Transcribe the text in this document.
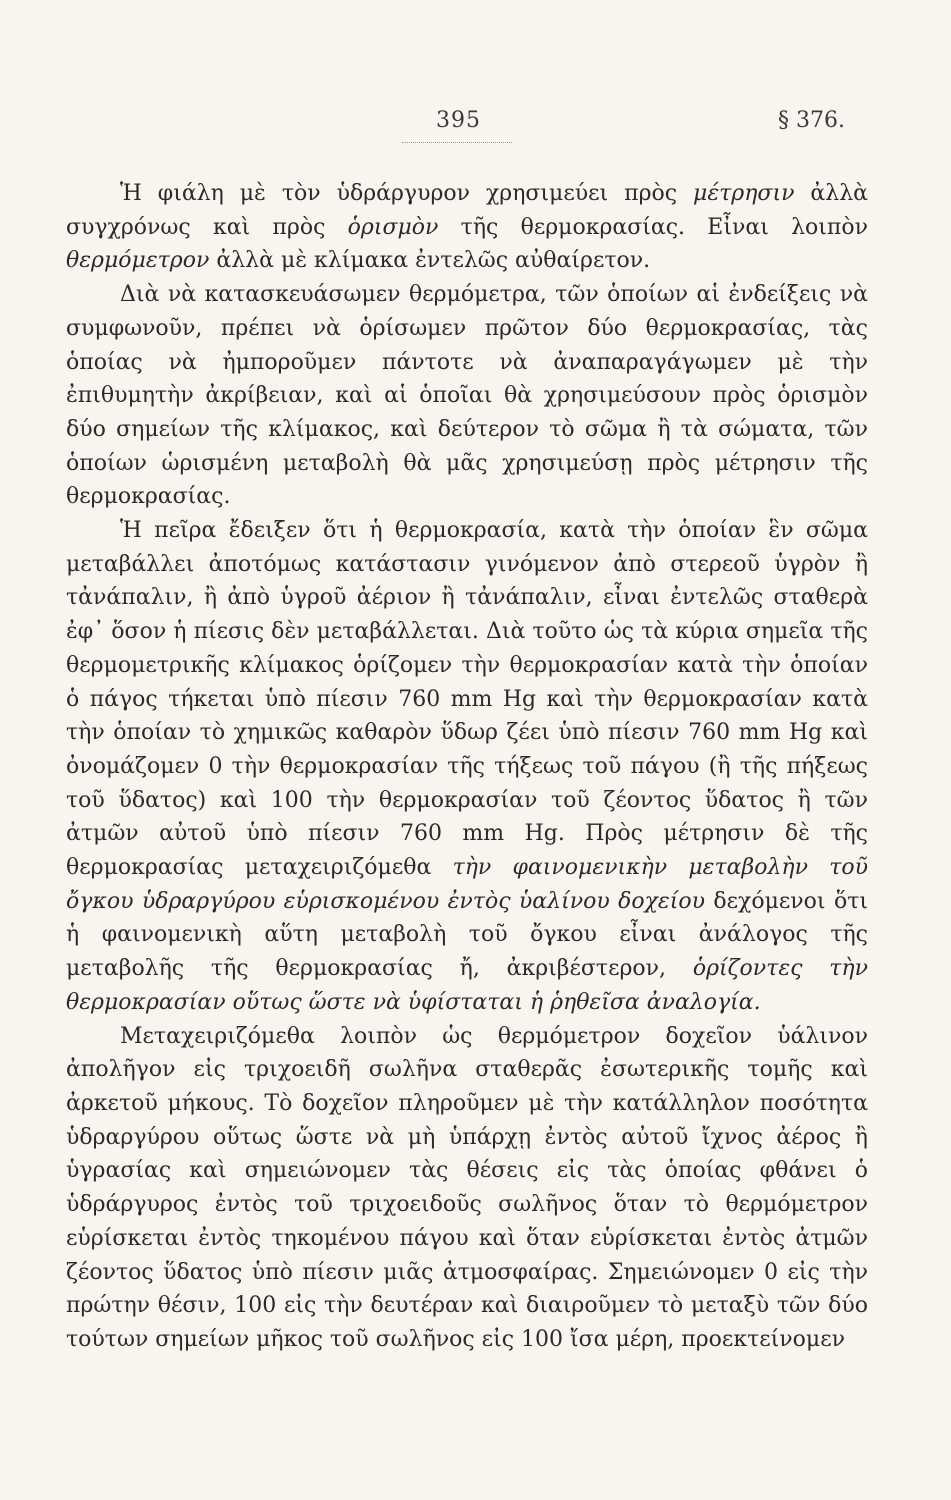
395	§ 376.

Ἡ φιάλη μὲ τὸν ὑδράργυρον χρησιμεύει πρὸς μέτρησιν ἀλλὰ συγχρόνως καὶ πρὸς ὁρισμὸν τῆς θερμοκρασίας. Εἶναι λοιπὸν θερμόμετρον ἀλλὰ μὲ κλίμακα ἐντελῶς αὐθαίρετον.

Διὰ νὰ κατασκευάσωμεν θερμόμετρα, τῶν ὁποίων αἱ ἐνδείξεις νὰ συμφωνοῦν, πρέπει νὰ ὁρίσωμεν πρῶτον δύο θερμοκρασίας, τὰς ὁποίας νὰ ἠμποροῦμεν πάντοτε νὰ ἀναπαραγάγωμεν μὲ τὴν ἐπιθυμητὴν ἀκρίβειαν, καὶ αἱ ὁποῖαι θὰ χρησιμεύσουν πρὸς ὁρισμὸν δύο σημείων τῆς κλίμακος, καὶ δεύτερον τὸ σῶμα ἢ τὰ σώματα, τῶν ὁποίων ὡρισμένη μεταβολὴ θὰ μᾶς χρησιμεύσῃ πρὸς μέτρησιν τῆς θερμοκρασίας.

Ἡ πεῖρα ἔδειξεν ὅτι ἡ θερμοκρασία, κατὰ τὴν ὁποίαν ἓν σῶμα μεταβάλλει ἀποτόμως κατάστασιν γινόμενον ἀπὸ στερεοῦ ὑγρὸν ἢ τἀνάπαλιν, ἢ ἀπὸ ὑγροῦ ἀέριον ἢ τἀνάπαλιν, εἶναι ἐντελῶς σταθερὰ ἐφ᾽ ὅσον ἡ πίεσις δὲν μεταβάλλεται. Διὰ τοῦτο ὡς τὰ κύρια σημεῖα τῆς θερμομετρικῆς κλίμακος ὁρίζομεν τὴν θερμοκρασίαν κατὰ τὴν ὁποίαν ὁ πάγος τήκεται ὑπὸ πίεσιν 760 mm Hg καὶ τὴν θερμοκρασίαν κατὰ τὴν ὁποίαν τὸ χημικῶς καθαρὸν ὕδωρ ζέει ὑπὸ πίεσιν 760 mm Hg καὶ ὀνομάζομεν 0 τὴν θερμοκρασίαν τῆς τήξεως τοῦ πάγου (ἢ τῆς πήξεως τοῦ ὕδατος) καὶ 100 τὴν θερμοκρασίαν τοῦ ζέοντος ὕδατος ἢ τῶν ἀτμῶν αὐτοῦ ὑπὸ πίεσιν 760 mm Hg. Πρὸς μέτρησιν δὲ τῆς θερμοκρασίας μεταχειριζόμεθα τὴν φαινομενικὴν μεταβολὴν τοῦ ὄγκου ὑδραργύρου εὑρισκομένου ἐντὸς ὑαλίνου δοχείου δεχόμενοι ὅτι ἡ φαινομενικὴ αὕτη μεταβολὴ τοῦ ὄγκου εἶναι ἀνάλογος τῆς μεταβολῆς τῆς θερμοκρασίας ἤ, ἀκριβέστερον, ὁρίζοντες τὴν θερμοκρασίαν οὕτως ὥστε νὰ ὑφίσταται ἡ ῥηθεῖσα ἀναλογία.

Μεταχειριζόμεθα λοιπὸν ὡς θερμόμετρον δοχεῖον ὑάλινον ἀπολῆγον εἰς τριχοειδῆ σωλῆνα σταθερᾶς ἐσωτερικῆς τομῆς καὶ ἀρκετοῦ μήκους. Τὸ δοχεῖον πληροῦμεν μὲ τὴν κατάλληλον ποσότητα ὑδραργύρου οὕτως ὥστε νὰ μὴ ὑπάρχῃ ἐντὸς αὐτοῦ ἴχνος ἀέρος ἢ ὑγρασίας καὶ σημειώνομεν τὰς θέσεις εἰς τὰς ὁποίας φθάνει ὁ ὑδράργυρος ἐντὸς τοῦ τριχοειδοῦς σωλῆνος ὅταν τὸ θερμόμετρον εὑρίσκεται ἐντὸς τηκομένου πάγου καὶ ὅταν εὑρίσκεται ἐντὸς ἀτμῶν ζέοντος ὕδατος ὑπὸ πίεσιν μιᾶς ἀτμοσφαίρας. Σημειώνομεν 0 εἰς τὴν πρώτην θέσιν, 100 εἰς τὴν δευτέραν καὶ διαιροῦμεν τὸ μεταξὺ τῶν δύο τούτων σημείων μῆκος τοῦ σωλῆνος εἰς 100 ἴσα μέρη, προεκτείνομεν
